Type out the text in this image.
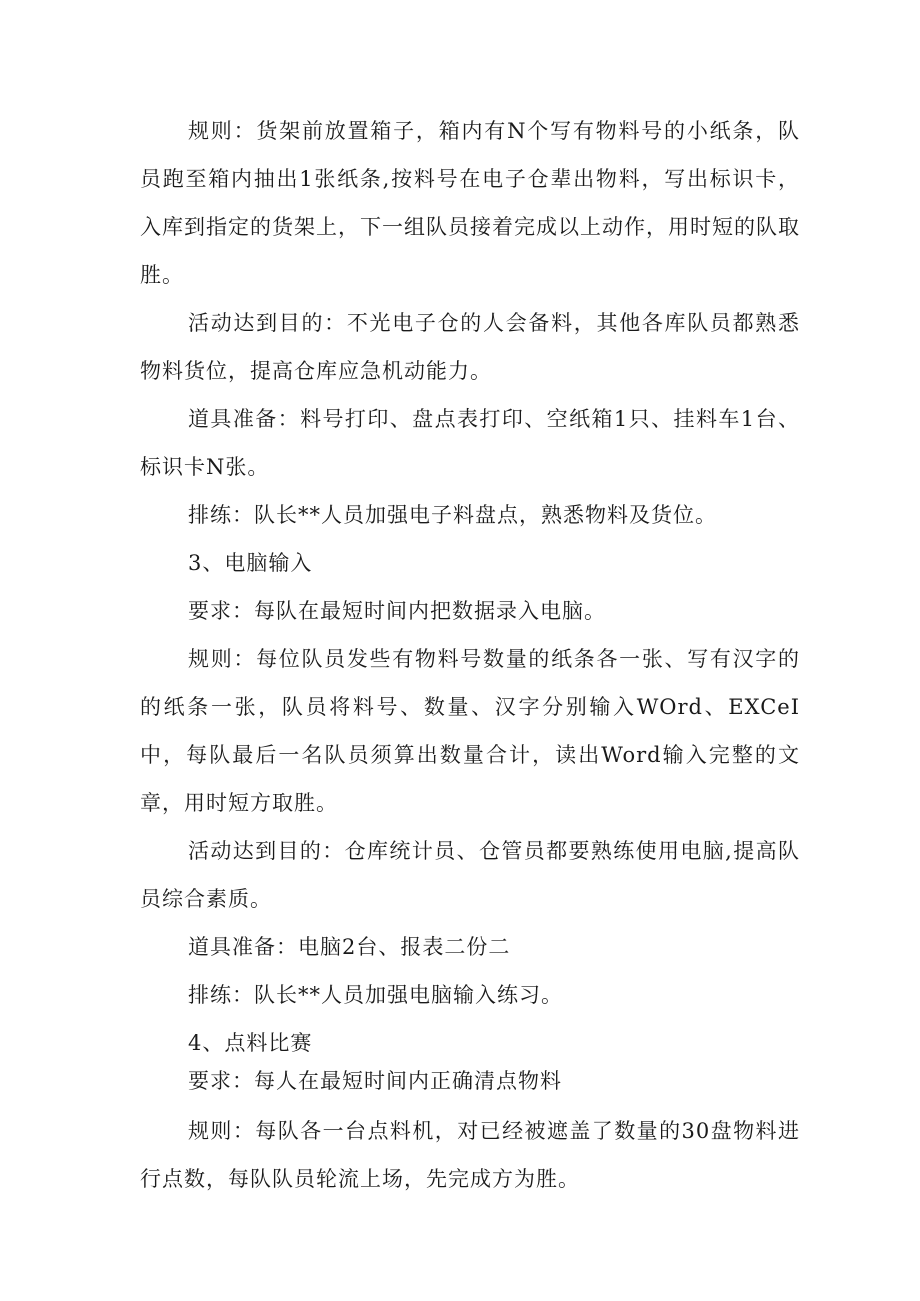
规则：货架前放置箱子，箱内有N个写有物料号的小纸条，队员跑至箱内抽出1张纸条,按料号在电子仓辈出物料，写出标识卡，入库到指定的货架上，下一组队员接着完成以上动作，用时短的队取胜。

活动达到目的：不光电子仓的人会备料，其他各库队员都熟悉物料货位，提高仓库应急机动能力。

道具准备：料号打印、盘点表打印、空纸箱1只、挂料车1台、标识卡N张。

排练：队长**人员加强电子料盘点，熟悉物料及货位。

3、电脑输入

要求：每队在最短时间内把数据录入电脑。

规则：每位队员发些有物料号数量的纸条各一张、写有汉字的的纸条一张，队员将料号、数量、汉字分别输入WOrd、EXCeI中，每队最后一名队员须算出数量合计，读出Word输入完整的文章，用时短方取胜。

活动达到目的：仓库统计员、仓管员都要熟练使用电脑,提高队员综合素质。

道具准备：电脑2台、报表二份二

排练：队长**人员加强电脑输入练习。

4、点料比赛

要求：每人在最短时间内正确清点物料

规则：每队各一台点料机，对已经被遮盖了数量的30盘物料进行点数，每队队员轮流上场，先完成方为胜。
